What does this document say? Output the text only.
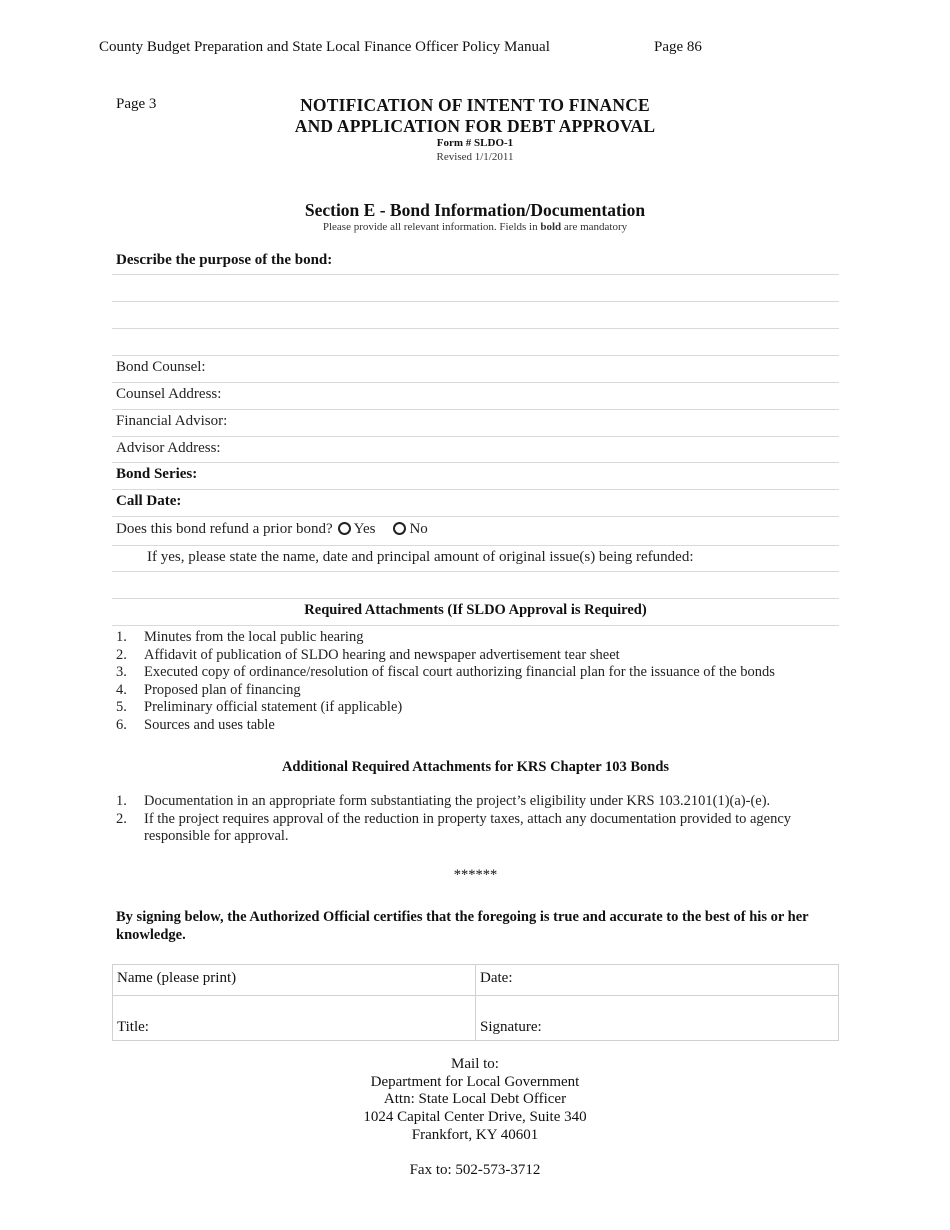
County Budget Preparation and State Local Finance Officer Policy Manual	Page 86
Page 3	NOTIFICATION OF INTENT TO FINANCE
AND APPLICATION FOR DEBT APPROVAL
Form # SLDO-1
Revised 1/1/2011
Section E - Bond Information/Documentation
Please provide all relevant information. Fields in bold are mandatory
Describe the purpose of the bond:
Bond Counsel:
Counsel Address:
Financial Advisor:
Advisor Address:
Bond Series:
Call Date:
Does this bond refund a prior bond? Yes No
If yes, please state the name, date and principal amount of original issue(s) being refunded:
Required Attachments (If SLDO Approval is Required)
1. Minutes from the local public hearing
2. Affidavit of publication of SLDO hearing and newspaper advertisement tear sheet
3. Executed copy of ordinance/resolution of fiscal court authorizing financial plan for the issuance of the bonds
4. Proposed plan of financing
5. Preliminary official statement (if applicable)
6. Sources and uses table
Additional Required Attachments for KRS Chapter 103 Bonds
1. Documentation in an appropriate form substantiating the project’s eligibility under KRS 103.2101(1)(a)-(e).
2. If the project requires approval of the reduction in property taxes, attach any documentation provided to agency
responsible for approval.
******
By signing below, the Authorized Official certifies that the foregoing is true and accurate to the best of his or her knowledge.
Name (please print)	Date:
Title:	Signature:
Mail to:
Department for Local Government
Attn: State Local Debt Officer
1024 Capital Center Drive, Suite 340
Frankfort, KY 40601
Fax to: 502-573-3712
